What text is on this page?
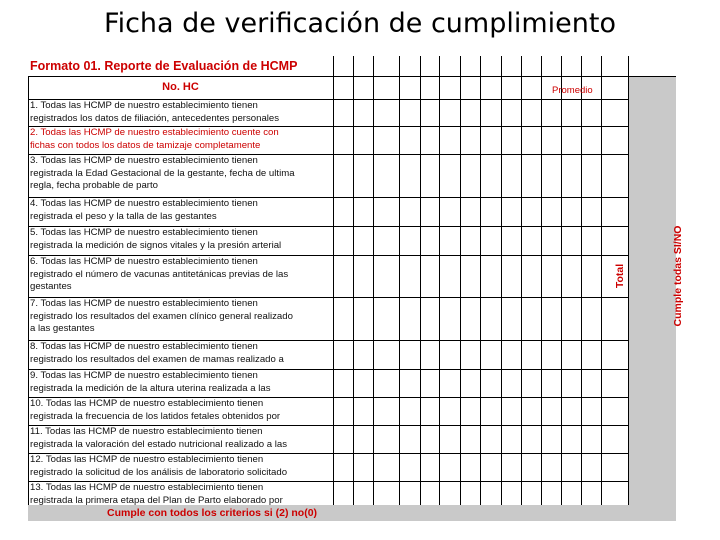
Ficha de verificación de cumplimiento
Formato 01. Reporte de Evaluación de HCMP
No. HC	Promedio
1. Todas las HCMP de nuestro establecimiento tienen
registrados los datos de filiación, antecedentes personales
2. Todas las HCMP de nuestro establecimiento cuente con
fichas con todos los datos de tamizaje completamente
3. Todas las HCMP de nuestro establecimiento tienen
registrada la Edad Gestacional de la gestante, fecha de ultima
regla, fecha probable de parto
4. Todas las HCMP de nuestro establecimiento tienen
registrada el peso y la talla de las gestantes
5. Todas las HCMP de nuestro establecimiento tienen
registrada la medición de signos vitales y la presión arterial
6. Todas las HCMP de nuestro establecimiento tienen
registrado el número de vacunas antitetánicas previas de las
gestantes
7. Todas las HCMP de nuestro establecimiento tienen
registrado los resultados del examen clínico general realizado
a las gestantes
8. Todas las HCMP de nuestro establecimiento tienen
registrado los resultados del examen de mamas realizado a
9. Todas las HCMP de nuestro establecimiento tienen
registrada la medición de la altura uterina realizada a las
10. Todas las HCMP de nuestro establecimiento tienen
registrada la frecuencia de los latidos fetales obtenidos por
11. Todas las HCMP de nuestro establecimiento tienen
registrada la valoración del estado nutricional realizado a las
12. Todas las HCMP de nuestro establecimiento tienen
registrado la solicitud de los análisis de laboratorio solicitado
13. Todas las HCMP de nuestro establecimiento tienen
registrada la primera etapa del Plan de Parto elaborado por
Cumple con todos los criterios si (2) no(0)
Total	Cumple todas SI/NO
